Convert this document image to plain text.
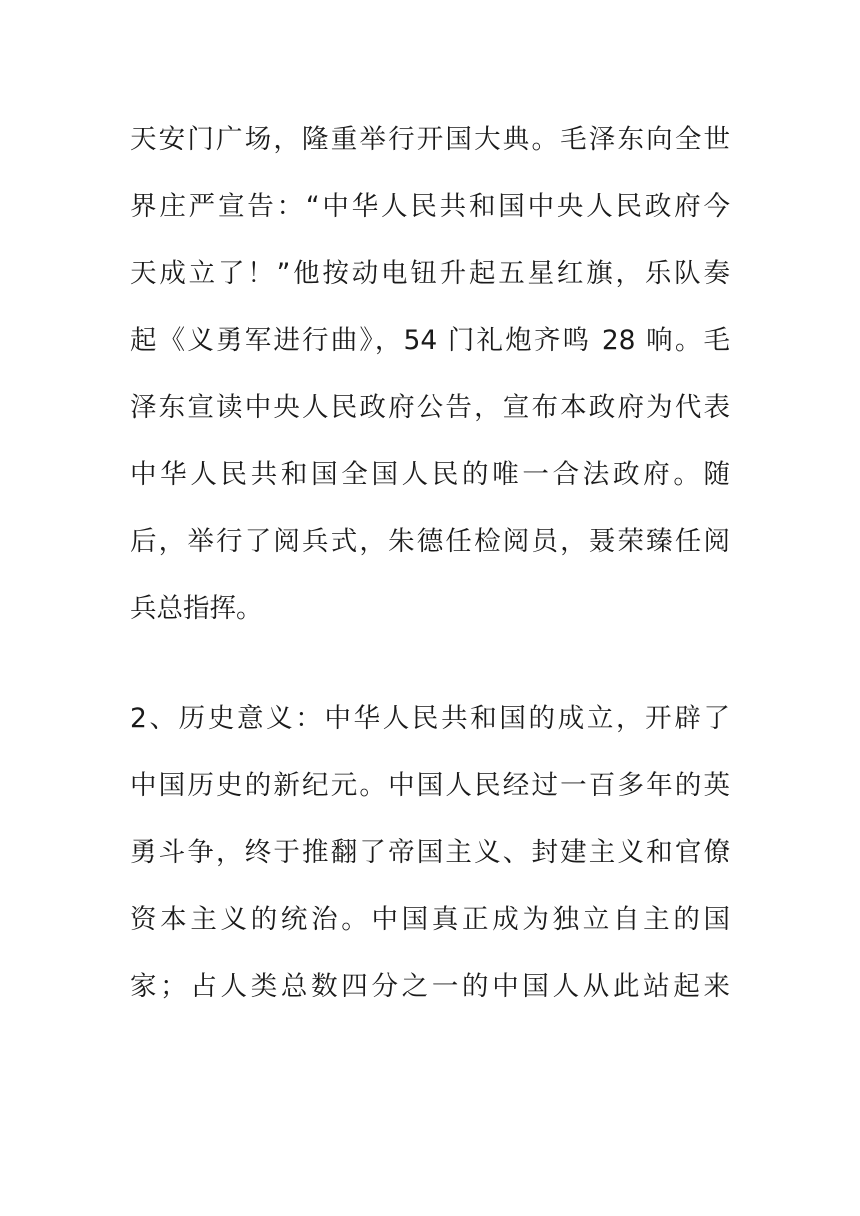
天安门广场，隆重举行开国大典。毛泽东向全世
界庄严宣告：“中华人民共和国中央人民政府今
天成立了！”他按动电钮升起五星红旗，乐队奏
起《义勇军进行曲》，54 门礼炮齐鸣 28 响。毛
泽东宣读中央人民政府公告，宣布本政府为代表
中华人民共和国全国人民的唯一合法政府。随
后，举行了阅兵式，朱德任检阅员，聂荣臻任阅
兵总指挥。
2、历史意义：中华人民共和国的成立，开辟了
中国历史的新纪元。中国人民经过一百多年的英
勇斗争，终于推翻了帝国主义、封建主义和官僚
资本主义的统治。中国真正成为独立自主的国
家；占人类总数四分之一的中国人从此站起来
